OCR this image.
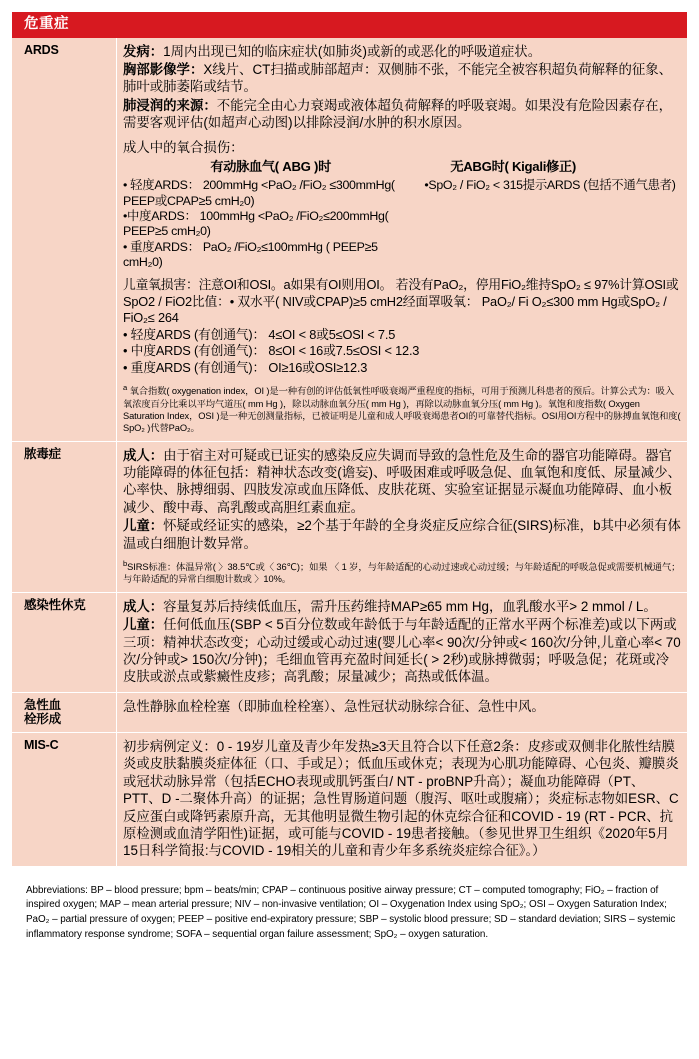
危重症
ARDS	发病：1周内出现已知的临床症状(如肺炎)或新的或恶化的呼吸道症状。
胸部影像学：X线片、CT扫描或肺部超声：双侧肺不张，不能完全被容积超负荷解释的征象、肺叶或肺萎陷或结节。
肺浸润的来源：不能完全由心力衰竭或液体超负荷解释的呼吸衰竭。如果没有危险因素存在，需要客观评估(如超声心动图)以排除浸润/水肿的积水原因。
成人中的氧合损伤：
有动脉血气( ABG )时
• 轻度ARDS： 200mmHg <PaO₂ /FiO₂ ≤300mmHg( PEEP或CPAP≥5 cmH₂0)
•中度ARDS： 100mmHg <PaO₂ /FiO₂≤200mmHg( PEEP≥5 cmH₂0)
• 重度ARDS： PaO₂ /FiO₂≤100mmHg ( PEEP≥5 cmH₂0)
无ABG时( Kigali修正)
•SpO₂ / FiO₂ < 315提示ARDS (包括不通气患者)
儿童氧损害：注意OI和OSI。a如果有OI则用OI。 若没有PaO₂，停用FiO₂维持SpO₂ ≤ 97%计算OSI或SpO2 / FiO2比值：• 双水平( NIV或CPAP)≥5 cmH2经面罩吸氧： PaO₂/ Fi O₂≤300 mm Hg或SpO₂ / FiO₂≤ 264
• 轻度ARDS (有创通气)： 4≤OI < 8或5≤OSI < 7.5
• 中度ARDS (有创通气)： 8≤OI < 16或7.5≤OSI < 12.3
• 重度ARDS (有创通气)： OI≥16或OSI≥12.3
$^a$ 氧合指数( oxygenation index，OI )是一种有创的评估低氧性呼吸衰竭严重程度的指标，可用于预测儿科患者的预后。计算公式为：吸入氧浓度百分比乘以平均气道压( mm Hg )，除以动脉血氧分压( mm Hg )，再除以动脉血氧分压( mm Hg )。氧饱和度指数( Oxygen Saturation Index，OSI )是一种无创测量指标，已被证明是儿童和成人呼吸衰竭患者OI的可靠替代指标。OSI用OI方程中的脉搏血氧饱和度( SpO₂ )代替PaO₂。

脓毒症	成人：由于宿主对可疑或已证实的感染反应失调而导致的急性危及生命的器官功能障碍。器官功能障碍的体征包括：精神状态改变(谵妄)、呼吸困难或呼吸急促、血氧饱和度低、尿量减少、心率快、脉搏细弱、四肢发凉或血压降低、皮肤花斑、实验室证据显示凝血功能障碍、血小板减少、酸中毒、高乳酸或高胆红素血症。
儿童：怀疑或经证实的感染，≥2个基于年龄的全身炎症反应综合征(SIRS)标准，b其中必须有体温或白细胞计数异常。
$^b$SIRS标准：体温异常( 〉38.5℃或〈 36℃)；如果 〈 1 岁，与年龄适配的心动过速或心动过缓；与年龄适配的呼吸急促或需要机械通气；与年龄适配的异常白细胞计数或 〉10%。

感染性休克	成人：容量复苏后持续低血压，需升压药维持MAP≥65 mm Hg，血乳酸水平> 2 mmol / L。
儿童：任何低血压(SBP < 5百分位数或年龄低于与年龄适配的正常水平两个标准差)或以下两或三项：精神状态改变；心动过缓或心动过速(婴儿心率< 90次/分钟或< 160次/分钟,儿童心率< 70次/分钟或> 150次/分钟)；毛细血管再充盈时间延长( > 2秒)或脉搏微弱；呼吸急促；花斑或冷皮肤或淤点或紫癜性皮疹；高乳酸；尿量减少；高热或低体温。

急性血
栓形成	急性静脉血栓栓塞（即肺血栓栓塞）、急性冠状动脉综合征、急性中风。

MIS-C	初步病例定义：0 - 19岁儿童及青少年发热≥3天且符合以下任意2条：皮疹或双侧非化脓性结膜炎或皮肤黏膜炎症体征（口、手或足）；低血压或休克；表现为心肌功能障碍、心包炎、瓣膜炎或冠状动脉异常（包括ECHO表现或肌钙蛋白/ NT - proBNP升高）；凝血功能障碍（PT、PTT、D -二聚体升高）的证据；急性胃肠道问题（腹泻、呕吐或腹痛）；炎症标志物如ESR、C反应蛋白或降钙素原升高，无其他明显微生物引起的休克综合征和COVID - 19 (RT - PCR、抗原检测或血清学阳性)证据，或可能与COVID - 19患者接触。（参见世界卫生组织《2020年5月15日科学简报:与COVID - 19相关的儿童和青少年多系统炎症综合征》。）
Abbreviations: BP – blood pressure; bpm – beats/min; CPAP – continuous positive airway pressure; CT – computed tomography; FiO₂ – fraction of inspired oxygen; MAP – mean arterial pressure; NIV – non-invasive ventilation; OI – Oxygenation Index using SpO₂; OSI – Oxygen Saturation Index; PaO₂ – partial pressure of oxygen; PEEP – positive end-expiratory pressure; SBP – systolic blood pressure; SD – standard deviation; SIRS – systemic inflammatory response syndrome; SOFA – sequential organ failure assessment; SpO₂ – oxygen saturation.
